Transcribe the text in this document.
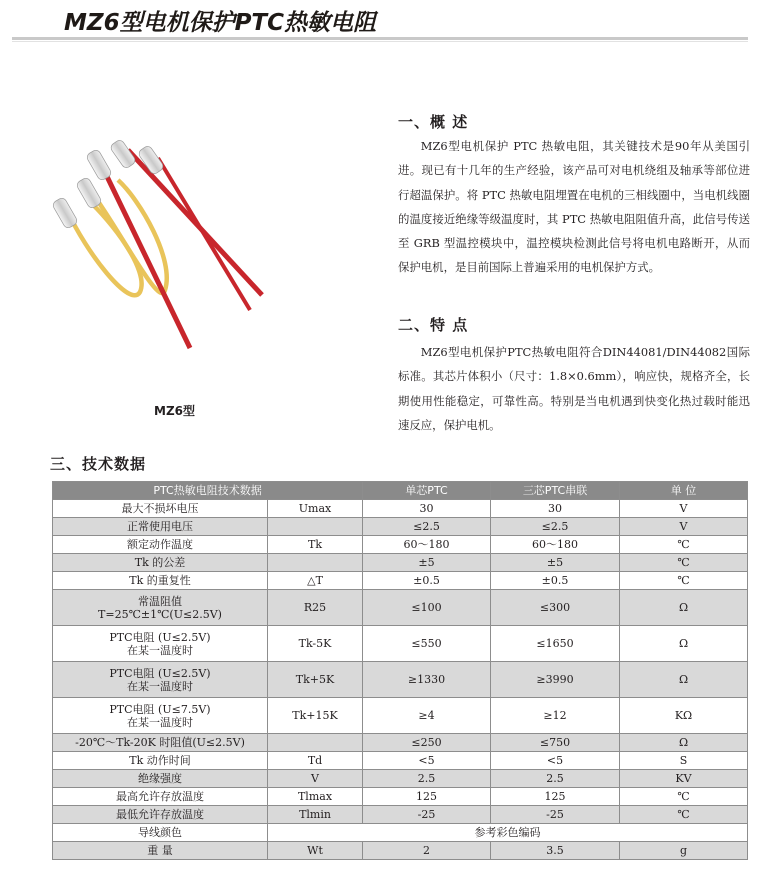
MZ6型电机保护PTC热敏电阻
MZ6型
一、概 述

MZ6型电机保护 PTC 热敏电阻，其关键技术是90年从美国引进。现已有十几年的生产经验，该产品可对电机绕组及轴承等部位进行超温保护。将 PTC 热敏电阻埋置在电机的三相线圈中，当电机线圈的温度接近绝缘等级温度时，其 PTC 热敏电阻阻值升高，此信号传送至 GRB 型温控模块中，温控模块检测此信号将电机电路断开，从而保护电机，是目前国际上普遍采用的电机保护方式。

二、特 点

MZ6型电机保护PTC热敏电阻符合DIN44081/DIN44082国际标准。其芯片体积小（尺寸：1.8×0.6mm），响应快，规格齐全，长期使用性能稳定，可靠性高。特别是当电机遇到快变化热过载时能迅速反应，保护电机。

三、技术数据
PTC热敏电阻技术数据		单芯PTC	三芯PTC串联	单 位
最大不损坏电压	Umax	30	30	V
正常使用电压		≤2.5	≤2.5	V
额定动作温度	Tk	60～180	60～180	℃
Tk 的公差		±5	±5	℃
Tk 的重复性	△T	±0.5	±0.5	℃
常温阻值
T=25℃±1℃(U≤2.5V)	R25	≤100	≤300	Ω
PTC电阻 (U≤2.5V)
在某一温度时	Tk-5K	≤550	≤1650	Ω
PTC电阻 (U≤2.5V)
在某一温度时	Tk+5K	≥1330	≥3990	Ω
PTC电阻 (U≤7.5V)
在某一温度时	Tk+15K	≥4	≥12	KΩ
-20℃～Tk-20K 时阻值(U≤2.5V)		≤250	≤750	Ω
Tk 动作时间	Td	<5	<5	S
绝缘强度	V	2.5	2.5	KV
最高允许存放温度	Tlmax	125	125	℃
最低允许存放温度	Tlmin	-25	-25	℃
导线颜色	参考彩色编码			
重 量	Wt	2	3.5	g
